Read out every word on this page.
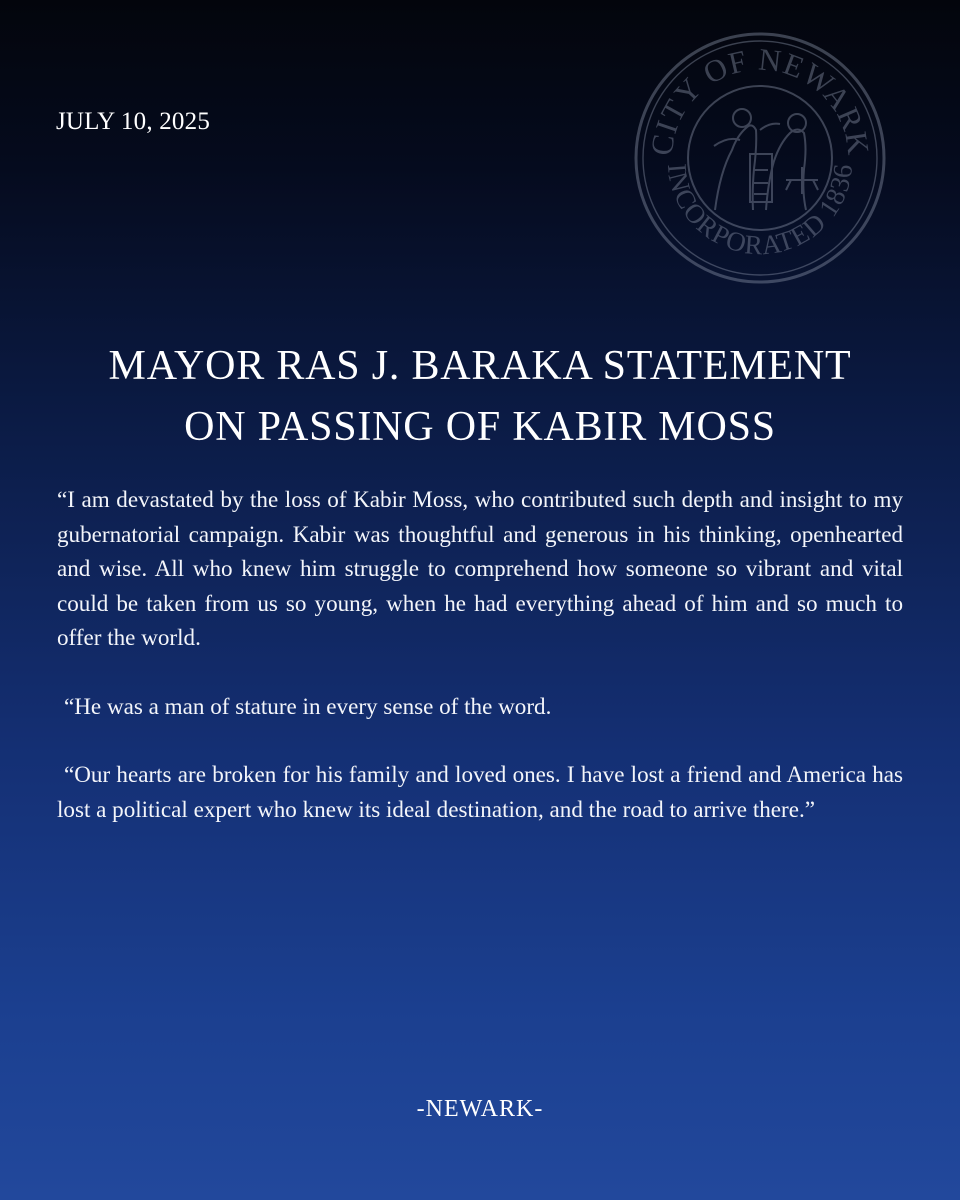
JULY 10, 2025
CITY OF NEWARK
INCORPORATED 1836
MAYOR RAS J. BARAKA STATEMENT
ON PASSING OF KABIR MOSS

“I am devastated by the loss of Kabir Moss, who contributed such depth and insight to my gubernatorial campaign. Kabir was thoughtful and generous in his thinking, openhearted and wise. All who knew him struggle to comprehend how someone so vibrant and vital could be taken from us so young, when he had everything ahead of him and so much to offer the world.

“He was a man of stature in every sense of the word.

“Our hearts are broken for his family and loved ones. I have lost a friend and America has lost a political expert who knew its ideal destination, and the road to arrive there.”

-NEWARK-
